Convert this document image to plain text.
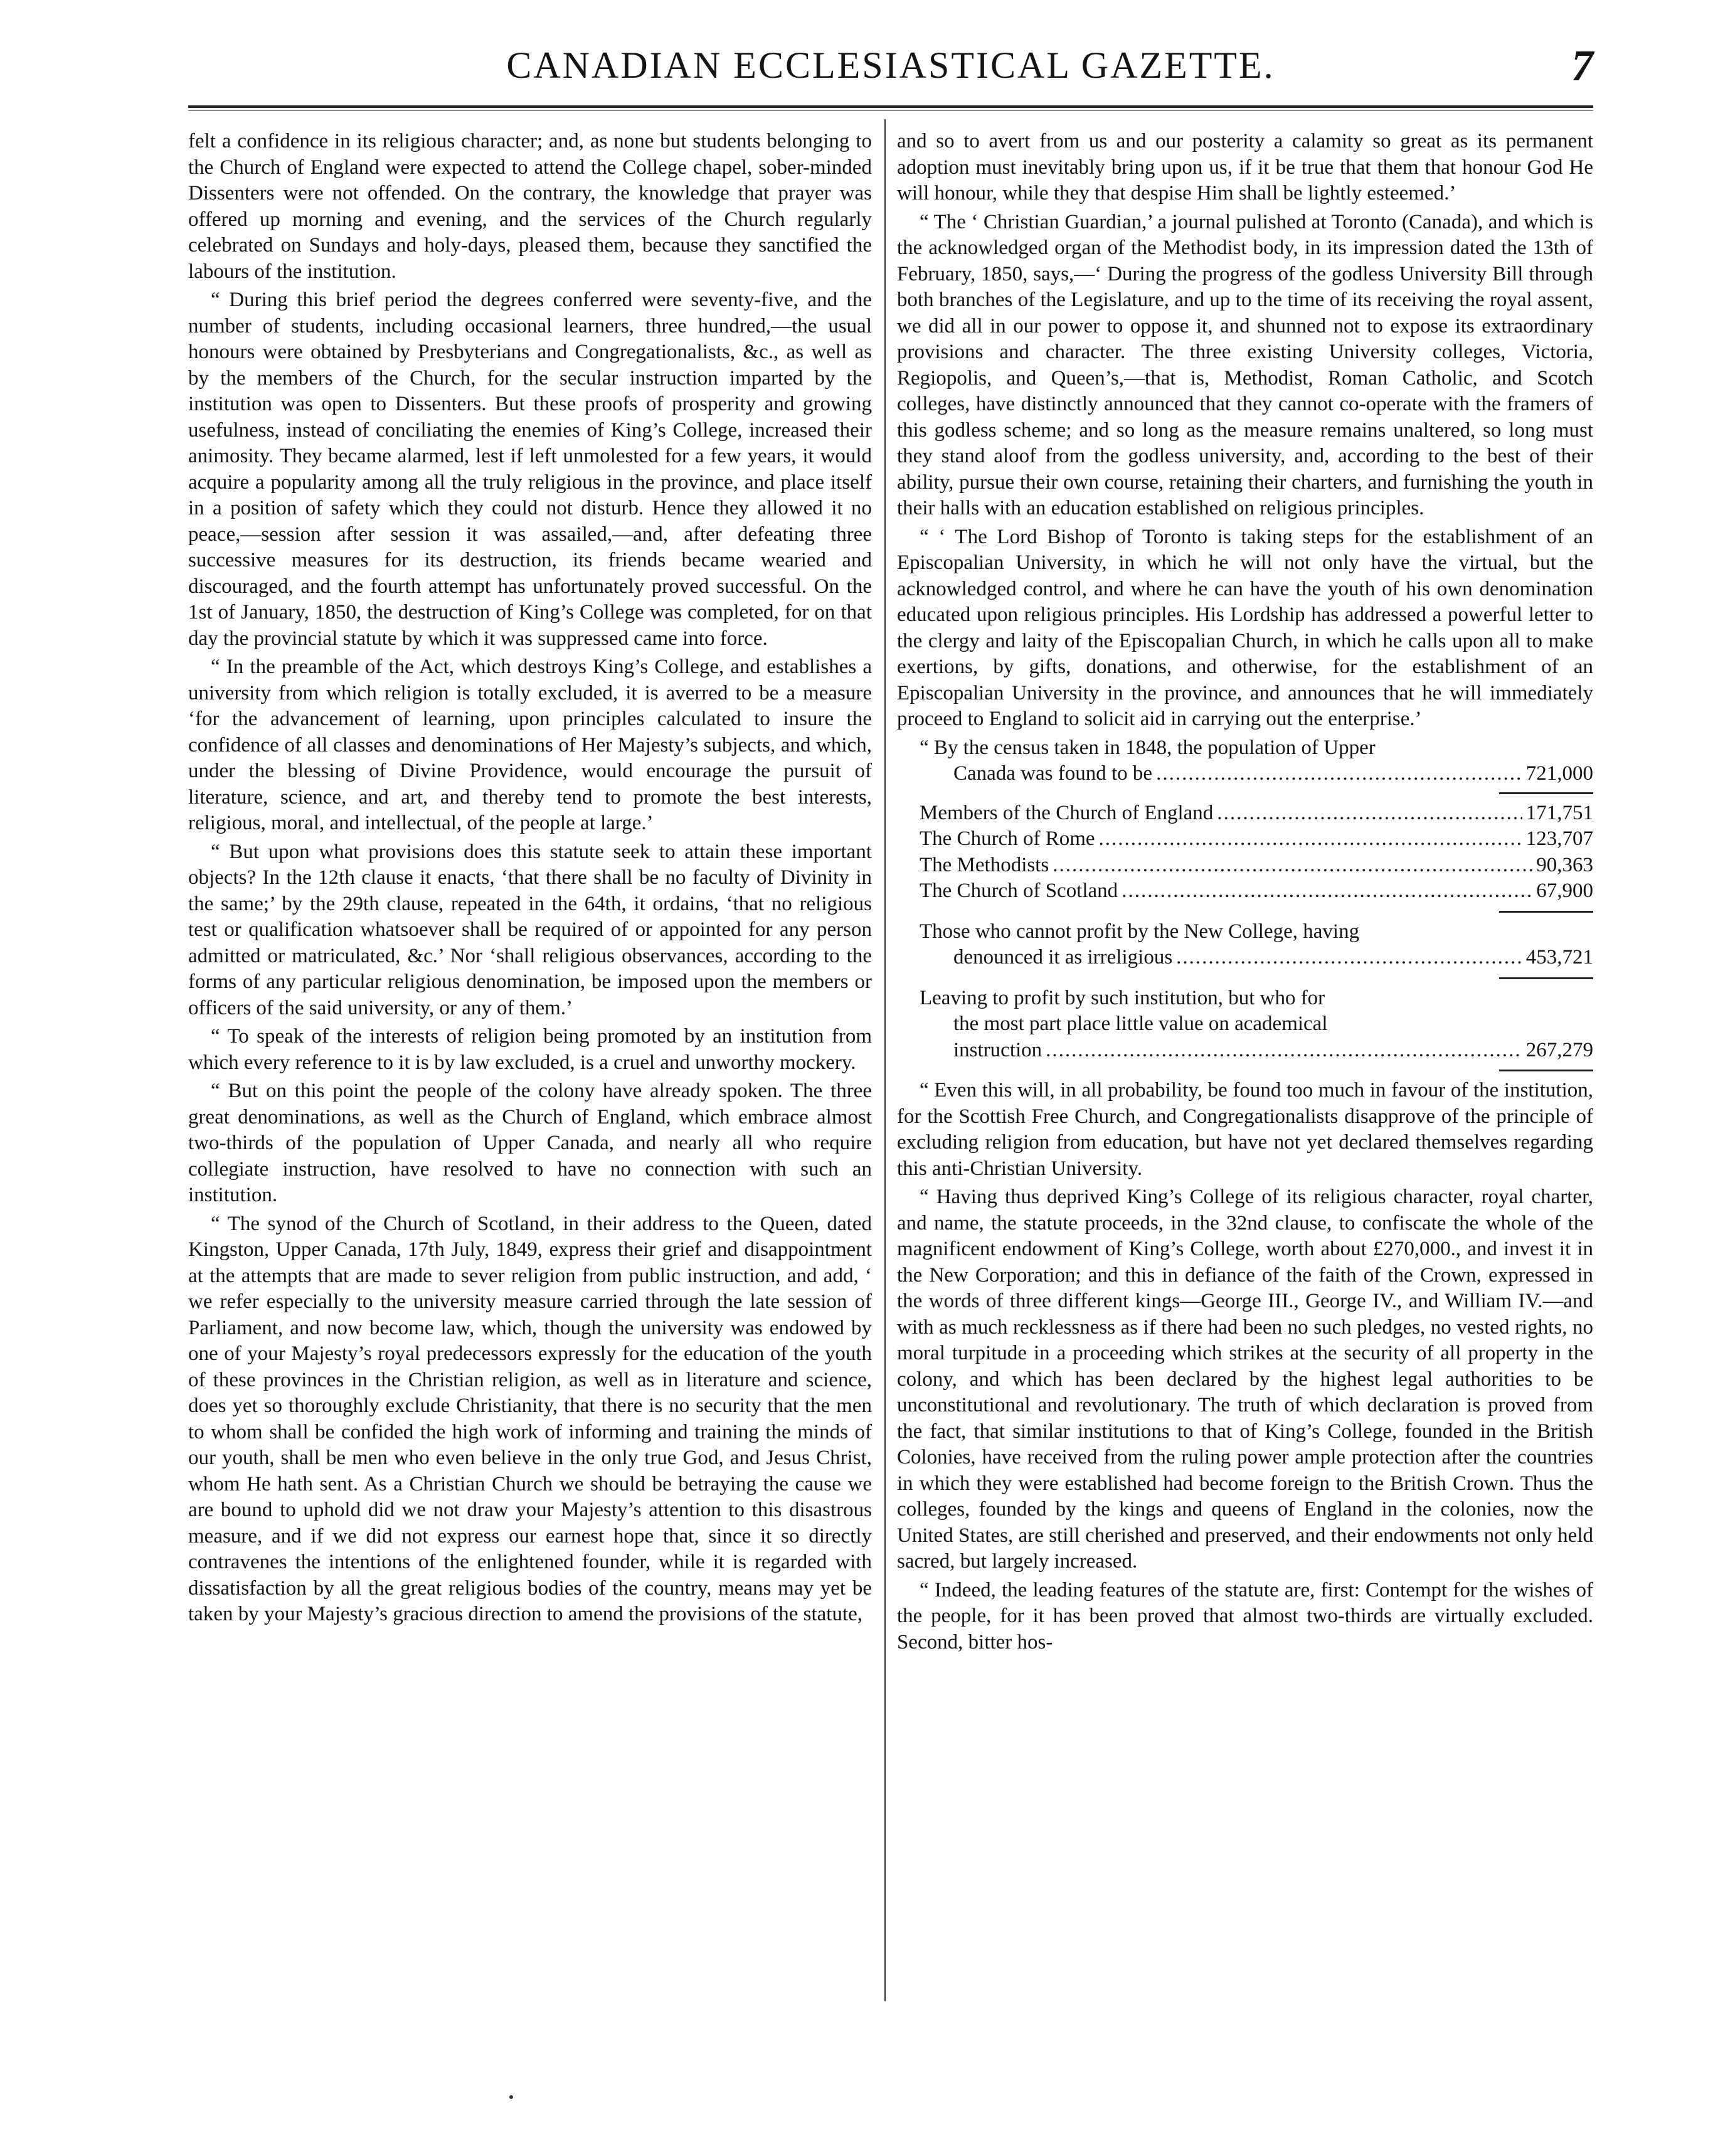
CANADIAN ECCLESIASTICAL GAZETTE.	7

felt a confidence in its religious character; and, as none but students belonging to the Church of England were expected to attend the College chapel, sober-minded Dissenters were not offended. On the contrary, the knowledge that prayer was offered up morning and evening, and the services of the Church regularly celebrated on Sundays and holy-days, pleased them, because they sanctified the labours of the institution.

“ During this brief period the degrees conferred were seventy-five, and the number of students, including occasional learners, three hundred,—the usual honours were obtained by Presbyterians and Congregationalists, &c., as well as by the members of the Church, for the secular instruction imparted by the institution was open to Dissenters. But these proofs of prosperity and growing usefulness, instead of conciliating the enemies of King’s College, increased their animosity. They became alarmed, lest if left unmolested for a few years, it would acquire a popularity among all the truly religious in the province, and place itself in a position of safety which they could not disturb. Hence they allowed it no peace,—session after session it was assailed,—and, after defeating three successive measures for its destruction, its friends became wearied and discouraged, and the fourth attempt has unfortunately proved successful. On the 1st of January, 1850, the destruction of King’s College was completed, for on that day the provincial statute by which it was suppressed came into force.

“ In the preamble of the Act, which destroys King’s College, and establishes a university from which religion is totally excluded, it is averred to be a measure ‘for the advancement of learning, upon principles calculated to insure the confidence of all classes and denominations of Her Majesty’s subjects, and which, under the blessing of Divine Providence, would encourage the pursuit of literature, science, and art, and thereby tend to promote the best interests, religious, moral, and intellectual, of the people at large.’

“ But upon what provisions does this statute seek to attain these important objects? In the 12th clause it enacts, ‘that there shall be no faculty of Divinity in the same;’ by the 29th clause, repeated in the 64th, it ordains, ‘that no religious test or qualification whatsoever shall be required of or appointed for any person admitted or matriculated, &c.’ Nor ‘shall religious observances, according to the forms of any particular religious denomination, be imposed upon the members or officers of the said university, or any of them.’

“ To speak of the interests of religion being promoted by an institution from which every reference to it is by law excluded, is a cruel and unworthy mockery.

“ But on this point the people of the colony have already spoken. The three great denominations, as well as the Church of England, which embrace almost two-thirds of the population of Upper Canada, and nearly all who require collegiate instruction, have resolved to have no connection with such an institution.

“ The synod of the Church of Scotland, in their address to the Queen, dated Kingston, Upper Canada, 17th July, 1849, express their grief and disappointment at the attempts that are made to sever religion from public instruction, and add, ‘ we refer especially to the university measure carried through the late session of Parliament, and now become law, which, though the university was endowed by one of your Majesty’s royal predecessors expressly for the education of the youth of these provinces in the Christian religion, as well as in literature and science, does yet so thoroughly exclude Christianity, that there is no security that the men to whom shall be confided the high work of informing and training the minds of our youth, shall be men who even believe in the only true God, and Jesus Christ, whom He hath sent. As a Christian Church we should be betraying the cause we are bound to uphold did we not draw your Majesty’s attention to this disastrous measure, and if we did not express our earnest hope that, since it so directly contravenes the intentions of the enlightened founder, while it is regarded with dissatisfaction by all the great religious bodies of the country, means may yet be taken by your Majesty’s gracious direction to amend the provisions of the statute,

and so to avert from us and our posterity a calamity so great as its permanent adoption must inevitably bring upon us, if it be true that them that honour God He will honour, while they that despise Him shall be lightly esteemed.’

“ The ‘ Christian Guardian,’ a journal pulished at Toronto (Canada), and which is the acknowledged organ of the Methodist body, in its impression dated the 13th of February, 1850, says,—‘ During the progress of the godless University Bill through both branches of the Legislature, and up to the time of its receiving the royal assent, we did all in our power to oppose it, and shunned not to expose its extraordinary provisions and character. The three existing University colleges, Victoria, Regiopolis, and Queen’s,—that is, Methodist, Roman Catholic, and Scotch colleges, have distinctly announced that they cannot co-operate with the framers of this godless scheme; and so long as the measure remains unaltered, so long must they stand aloof from the godless university, and, according to the best of their ability, pursue their own course, retaining their charters, and furnishing the youth in their halls with an education established on religious principles.

“ ‘ The Lord Bishop of Toronto is taking steps for the establishment of an Episcopalian University, in which he will not only have the virtual, but the acknowledged control, and where he can have the youth of his own denomination educated upon religious principles. His Lordship has addressed a powerful letter to the clergy and laity of the Episcopalian Church, in which he calls upon all to make exertions, by gifts, donations, and otherwise, for the establishment of an Episcopalian University in the province, and announces that he will immediately proceed to England to solicit aid in carrying out the enterprise.’

“ By the census taken in 1848, the population of Upper
Canada was found to be .....	721,000
Members of the Church of England .....	171,751
The Church of Rome .....	123,707
The Methodists .....	90,363
The Church of Scotland .....	67,900
Those who cannot profit by the New College, having
denounced it as irreligious .....	453,721
Leaving to profit by such institution, but who for
the most part place little value on academical
instruction .....	267,279

“ Even this will, in all probability, be found too much in favour of the institution, for the Scottish Free Church, and Congregationalists disapprove of the principle of excluding religion from education, but have not yet declared themselves regarding this anti-Christian University.

“ Having thus deprived King’s College of its religious character, royal charter, and name, the statute proceeds, in the 32nd clause, to confiscate the whole of the magnificent endowment of King’s College, worth about £270,000., and invest it in the New Corporation; and this in defiance of the faith of the Crown, expressed in the words of three different kings—George III., George IV., and William IV.—and with as much recklessness as if there had been no such pledges, no vested rights, no moral turpitude in a proceeding which strikes at the security of all property in the colony, and which has been declared by the highest legal authorities to be unconstitutional and revolutionary. The truth of which declaration is proved from the fact, that similar institutions to that of King’s College, founded in the British Colonies, have received from the ruling power ample protection after the countries in which they were established had become foreign to the British Crown. Thus the colleges, founded by the kings and queens of England in the colonies, now the United States, are still cherished and preserved, and their endowments not only held sacred, but largely increased.

“ Indeed, the leading features of the statute are, first: Contempt for the wishes of the people, for it has been proved that almost two-thirds are virtually excluded. Second, bitter hos-
